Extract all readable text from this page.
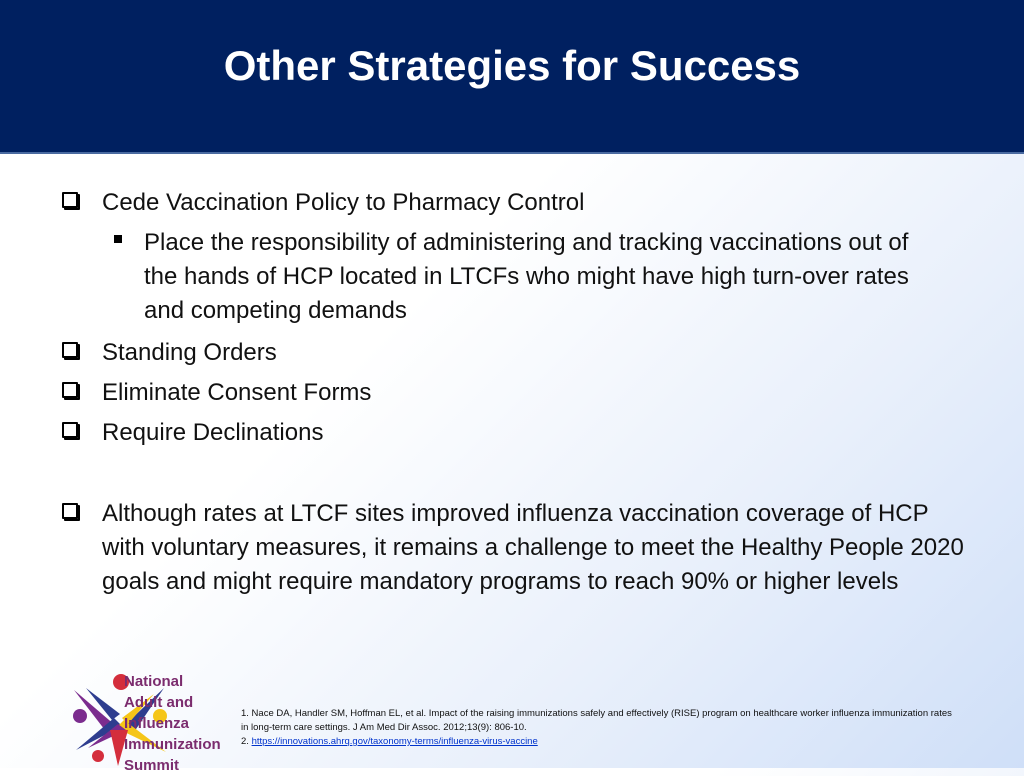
Other Strategies for Success
Cede Vaccination Policy to Pharmacy Control
Place the responsibility of administering and tracking vaccinations out of the hands of HCP located in LTCFs who might have high turn-over rates and competing demands
Standing Orders
Eliminate Consent Forms
Require Declinations
Although rates at LTCF sites improved influenza vaccination coverage of HCP with voluntary measures, it remains a challenge to meet the Healthy People 2020 goals and might require mandatory programs to reach 90% or higher levels
National
Adult and
Influenza
Immunization
Summit
1. Nace DA, Handler SM, Hoffman EL, et al. Impact of the raising immunizations safely and effectively (RISE) program on healthcare worker influenza immunization rates in long-term care settings. J Am Med Dir Assoc. 2012;13(9): 806-10.
2. https://innovations.ahrq.gov/taxonomy-terms/influenza-virus-vaccine
